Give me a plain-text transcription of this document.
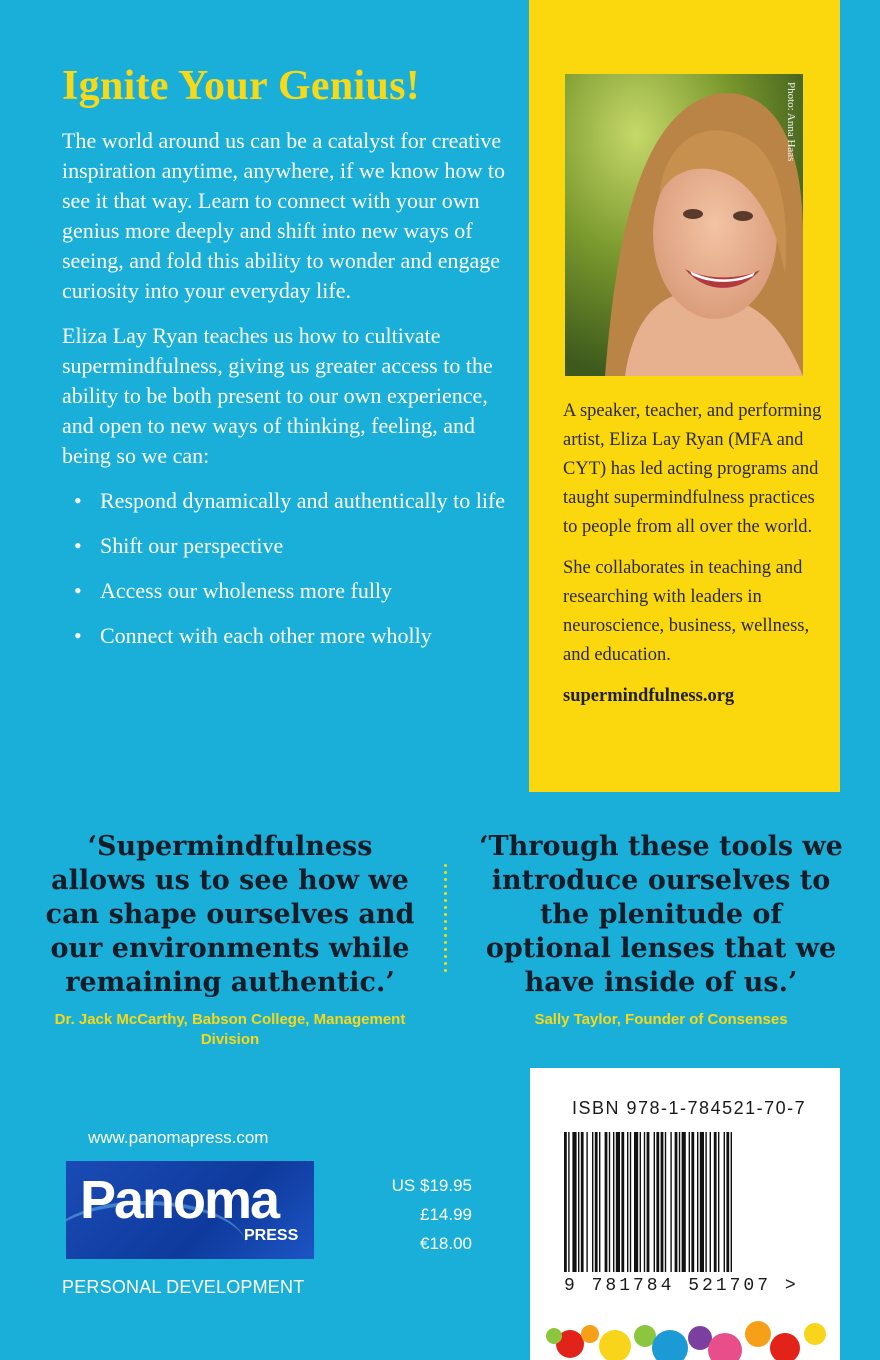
Ignite Your Genius!

The world around us can be a catalyst for creative inspiration anytime, anywhere, if we know how to see it that way. Learn to connect with your own genius more deeply and shift into new ways of seeing, and fold this ability to wonder and engage curiosity into your everyday life.

Eliza Lay Ryan teaches us how to cultivate supermindfulness, giving us greater access to the ability to be both present to our own experience, and open to new ways of thinking, feeling, and being so we can:

• Respond dynamically and authentically to life
• Shift our perspective
• Access our wholeness more fully
• Connect with each other more wholly
Photo: Anna Haas

A speaker, teacher, and performing artist, Eliza Lay Ryan (MFA and CYT) has led acting programs and taught supermindfulness practices to people from all over the world.

She collaborates in teaching and researching with leaders in neuroscience, business, wellness, and education.

supermindfulness.org

‘Supermindfulness allows us to see how we can shape ourselves and our environments while remaining authentic.’
Dr. Jack McCarthy, Babson College, Management Division
‘Through these tools we introduce ourselves to the plenitude of optional lenses that we have inside of us.’
Sally Taylor, Founder of Consenses
www.panomapress.com
Panoma
PRESS
US $19.95
£14.99
€18.00
PERSONAL DEVELOPMENT
ISBN 978-1-784521-70-7
9 781784 521707 >
